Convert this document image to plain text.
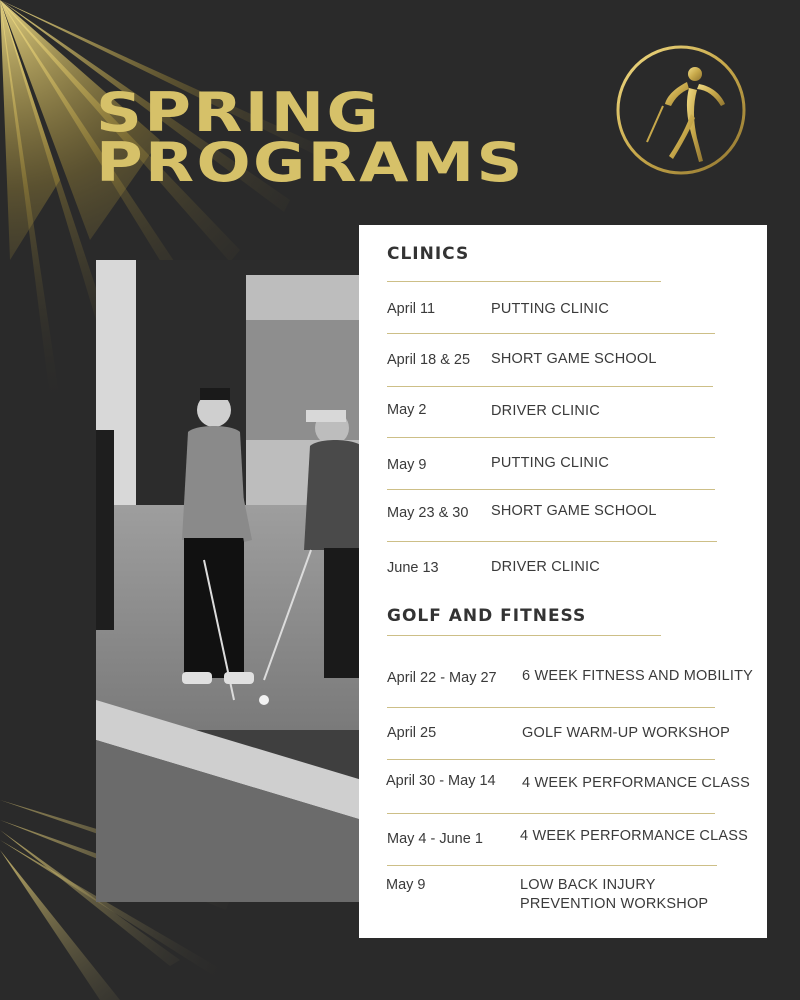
SPRING
PROGRAMS
CLINICS
April 11	PUTTING CLINIC
April 18 & 25 SHORT GAME SCHOOL
May 2	DRIVER CLINIC
May 9	PUTTING CLINIC
May 23 & 30 SHORT GAME SCHOOL
June 13	DRIVER CLINIC
GOLF AND FITNESS
April 22 - May 27 6 WEEK FITNESS AND MOBILITY
April 25	GOLF WARM-UP WORKSHOP
April 30 - May 14 4 WEEK PERFORMANCE CLASS
May 4 - June 1	4 WEEK PERFORMANCE CLASS
May 9	LOW BACK INJURY PREVENTION WORKSHOP
